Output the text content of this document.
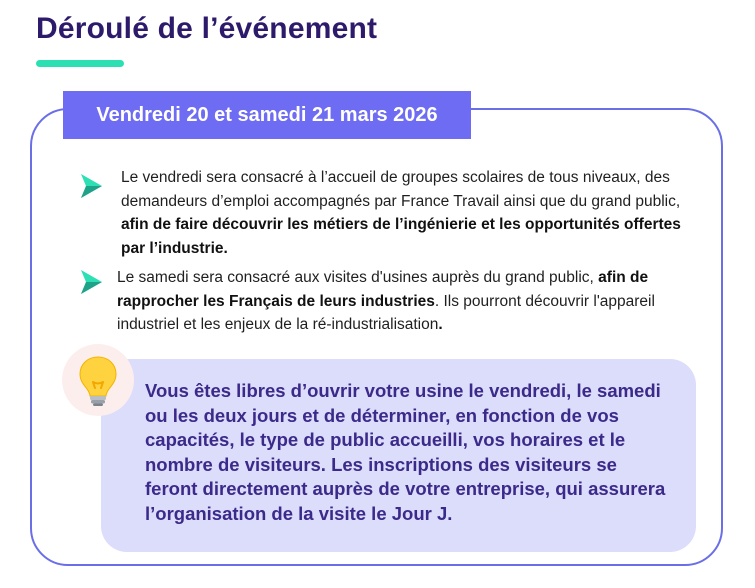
Déroulé de l’événement
Vendredi 20 et samedi 21 mars 2026
Le vendredi sera consacré à l’accueil de groupes scolaires de tous niveaux, des demandeurs d’emploi accompagnés par France Travail ainsi que du grand public, afin de faire découvrir les métiers de l’ingénierie et les opportunités offertes par l’industrie.
Le samedi sera consacré aux visites d'usines auprès du grand public, afin de rapprocher les Français de leurs industries. Ils pourront découvrir l'appareil industriel et les enjeux de la ré-industrialisation.

Vous êtes libres d’ouvrir votre usine le vendredi, le samedi ou les deux jours et de déterminer, en fonction de vos capacités, le type de public accueilli, vos horaires et le nombre de visiteurs. Les inscriptions des visiteurs se feront directement auprès de votre entreprise, qui assurera l’organisation de la visite le Jour J.
